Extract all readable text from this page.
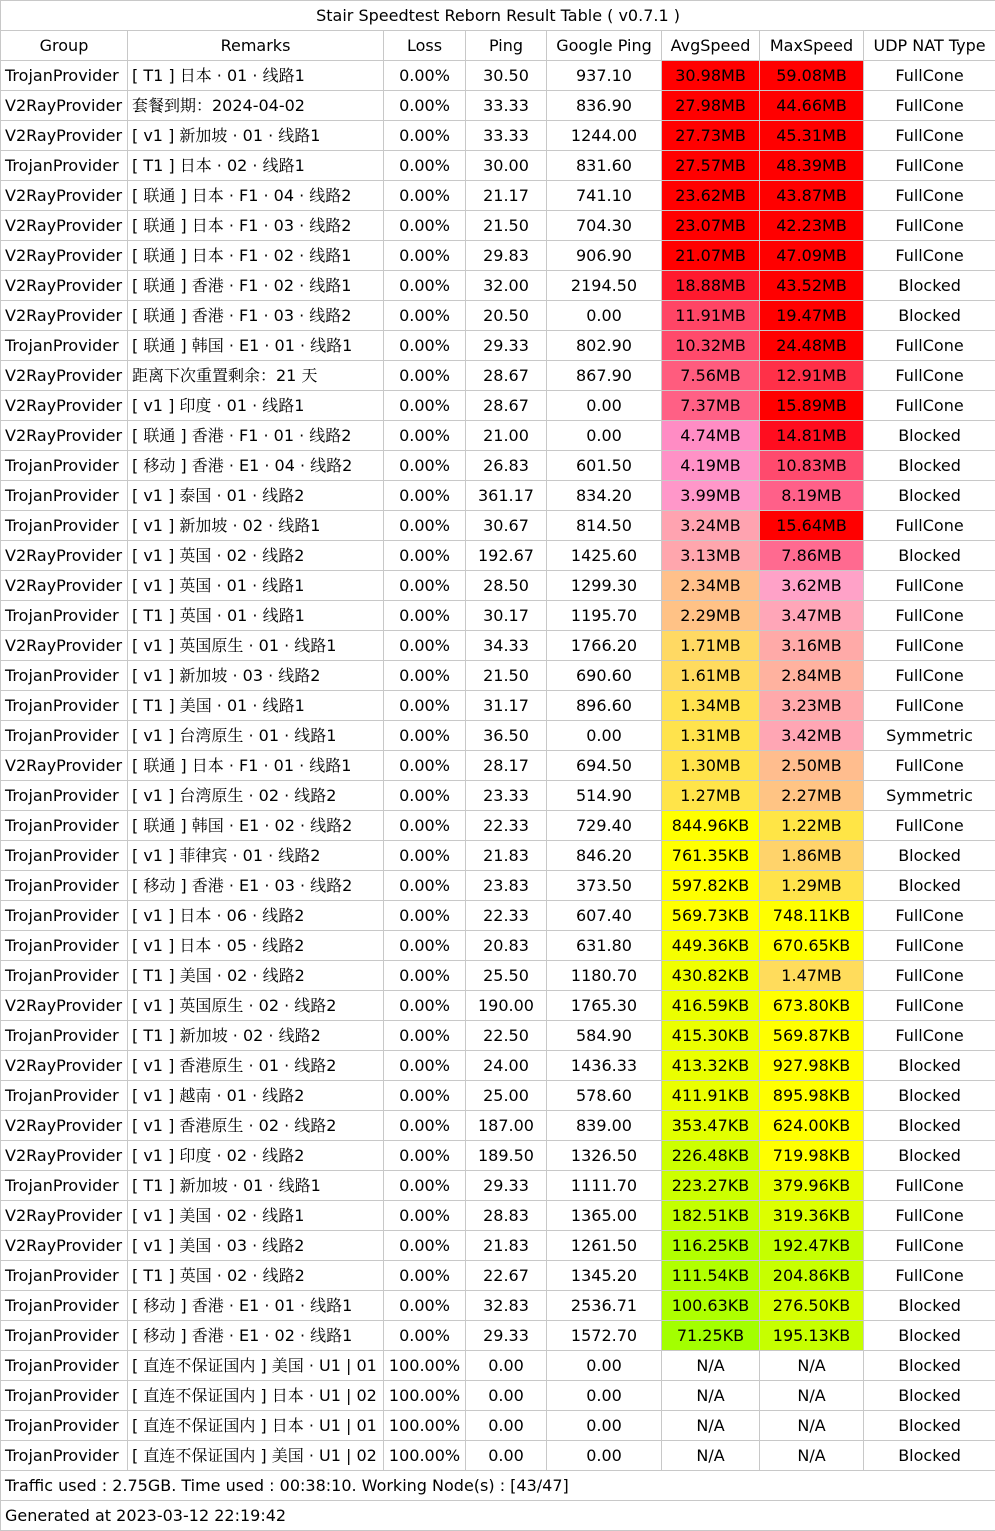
Stair Speedtest Reborn Result Table ( v0.7.1 )							
Group	Remarks	Loss	Ping	Google Ping	AvgSpeed	MaxSpeed	UDP NAT Type
TrojanProvider	[ T1 ] 日本 · 01 · 线路1	0.00%	30.50	937.10	30.98MB	59.08MB	FullCone
V2RayProvider	套餐到期：2024-04-02	0.00%	33.33	836.90	27.98MB	44.66MB	FullCone
V2RayProvider	[ v1 ] 新加坡 · 01 · 线路1	0.00%	33.33	1244.00	27.73MB	45.31MB	FullCone
TrojanProvider	[ T1 ] 日本 · 02 · 线路1	0.00%	30.00	831.60	27.57MB	48.39MB	FullCone
V2RayProvider	[ 联通 ] 日本 · F1 · 04 · 线路2	0.00%	21.17	741.10	23.62MB	43.87MB	FullCone
V2RayProvider	[ 联通 ] 日本 · F1 · 03 · 线路2	0.00%	21.50	704.30	23.07MB	42.23MB	FullCone
V2RayProvider	[ 联通 ] 日本 · F1 · 02 · 线路1	0.00%	29.83	906.90	21.07MB	47.09MB	FullCone
V2RayProvider	[ 联通 ] 香港 · F1 · 02 · 线路1	0.00%	32.00	2194.50	18.88MB	43.52MB	Blocked
V2RayProvider	[ 联通 ] 香港 · F1 · 03 · 线路2	0.00%	20.50	0.00	11.91MB	19.47MB	Blocked
TrojanProvider	[ 联通 ] 韩国 · E1 · 01 · 线路1	0.00%	29.33	802.90	10.32MB	24.48MB	FullCone
V2RayProvider	距离下次重置剩余：21 天	0.00%	28.67	867.90	7.56MB	12.91MB	FullCone
V2RayProvider	[ v1 ] 印度 · 01 · 线路1	0.00%	28.67	0.00	7.37MB	15.89MB	FullCone
V2RayProvider	[ 联通 ] 香港 · F1 · 01 · 线路2	0.00%	21.00	0.00	4.74MB	14.81MB	Blocked
TrojanProvider	[ 移动 ] 香港 · E1 · 04 · 线路2	0.00%	26.83	601.50	4.19MB	10.83MB	Blocked
TrojanProvider	[ v1 ] 泰国 · 01 · 线路2	0.00%	361.17	834.20	3.99MB	8.19MB	Blocked
TrojanProvider	[ v1 ] 新加坡 · 02 · 线路1	0.00%	30.67	814.50	3.24MB	15.64MB	FullCone
V2RayProvider	[ v1 ] 英国 · 02 · 线路2	0.00%	192.67	1425.60	3.13MB	7.86MB	Blocked
V2RayProvider	[ v1 ] 英国 · 01 · 线路1	0.00%	28.50	1299.30	2.34MB	3.62MB	FullCone
TrojanProvider	[ T1 ] 英国 · 01 · 线路1	0.00%	30.17	1195.70	2.29MB	3.47MB	FullCone
V2RayProvider	[ v1 ] 英国原生 · 01 · 线路1	0.00%	34.33	1766.20	1.71MB	3.16MB	FullCone
TrojanProvider	[ v1 ] 新加坡 · 03 · 线路2	0.00%	21.50	690.60	1.61MB	2.84MB	FullCone
TrojanProvider	[ T1 ] 美国 · 01 · 线路1	0.00%	31.17	896.60	1.34MB	3.23MB	FullCone
TrojanProvider	[ v1 ] 台湾原生 · 01 · 线路1	0.00%	36.50	0.00	1.31MB	3.42MB	Symmetric
V2RayProvider	[ 联通 ] 日本 · F1 · 01 · 线路1	0.00%	28.17	694.50	1.30MB	2.50MB	FullCone
TrojanProvider	[ v1 ] 台湾原生 · 02 · 线路2	0.00%	23.33	514.90	1.27MB	2.27MB	Symmetric
TrojanProvider	[ 联通 ] 韩国 · E1 · 02 · 线路2	0.00%	22.33	729.40	844.96KB	1.22MB	FullCone
TrojanProvider	[ v1 ] 菲律宾 · 01 · 线路2	0.00%	21.83	846.20	761.35KB	1.86MB	Blocked
TrojanProvider	[ 移动 ] 香港 · E1 · 03 · 线路2	0.00%	23.83	373.50	597.82KB	1.29MB	Blocked
TrojanProvider	[ v1 ] 日本 · 06 · 线路2	0.00%	22.33	607.40	569.73KB	748.11KB	FullCone
TrojanProvider	[ v1 ] 日本 · 05 · 线路2	0.00%	20.83	631.80	449.36KB	670.65KB	FullCone
TrojanProvider	[ T1 ] 美国 · 02 · 线路2	0.00%	25.50	1180.70	430.82KB	1.47MB	FullCone
V2RayProvider	[ v1 ] 英国原生 · 02 · 线路2	0.00%	190.00	1765.30	416.59KB	673.80KB	FullCone
TrojanProvider	[ T1 ] 新加坡 · 02 · 线路2	0.00%	22.50	584.90	415.30KB	569.87KB	FullCone
V2RayProvider	[ v1 ] 香港原生 · 01 · 线路2	0.00%	24.00	1436.33	413.32KB	927.98KB	Blocked
TrojanProvider	[ v1 ] 越南 · 01 · 线路2	0.00%	25.00	578.60	411.91KB	895.98KB	Blocked
V2RayProvider	[ v1 ] 香港原生 · 02 · 线路2	0.00%	187.00	839.00	353.47KB	624.00KB	Blocked
V2RayProvider	[ v1 ] 印度 · 02 · 线路2	0.00%	189.50	1326.50	226.48KB	719.98KB	Blocked
TrojanProvider	[ T1 ] 新加坡 · 01 · 线路1	0.00%	29.33	1111.70	223.27KB	379.96KB	FullCone
V2RayProvider	[ v1 ] 美国 · 02 · 线路1	0.00%	28.83	1365.00	182.51KB	319.36KB	FullCone
V2RayProvider	[ v1 ] 美国 · 03 · 线路2	0.00%	21.83	1261.50	116.25KB	192.47KB	FullCone
TrojanProvider	[ T1 ] 英国 · 02 · 线路2	0.00%	22.67	1345.20	111.54KB	204.86KB	FullCone
TrojanProvider	[ 移动 ] 香港 · E1 · 01 · 线路1	0.00%	32.83	2536.71	100.63KB	276.50KB	Blocked
TrojanProvider	[ 移动 ] 香港 · E1 · 02 · 线路1	0.00%	29.33	1572.70	71.25KB	195.13KB	Blocked
TrojanProvider	[ 直连不保证国内 ] 美国 · U1 | 01	100.00%	0.00	0.00	N/A	N/A	Blocked
TrojanProvider	[ 直连不保证国内 ] 日本 · U1 | 02	100.00%	0.00	0.00	N/A	N/A	Blocked
TrojanProvider	[ 直连不保证国内 ] 日本 · U1 | 01	100.00%	0.00	0.00	N/A	N/A	Blocked
TrojanProvider	[ 直连不保证国内 ] 美国 · U1 | 02	100.00%	0.00	0.00	N/A	N/A	Blocked
Traffic used : 2.75GB. Time used : 00:38:10. Working Node(s) : [43/47]							
Generated at 2023-03-12 22:19:42							
